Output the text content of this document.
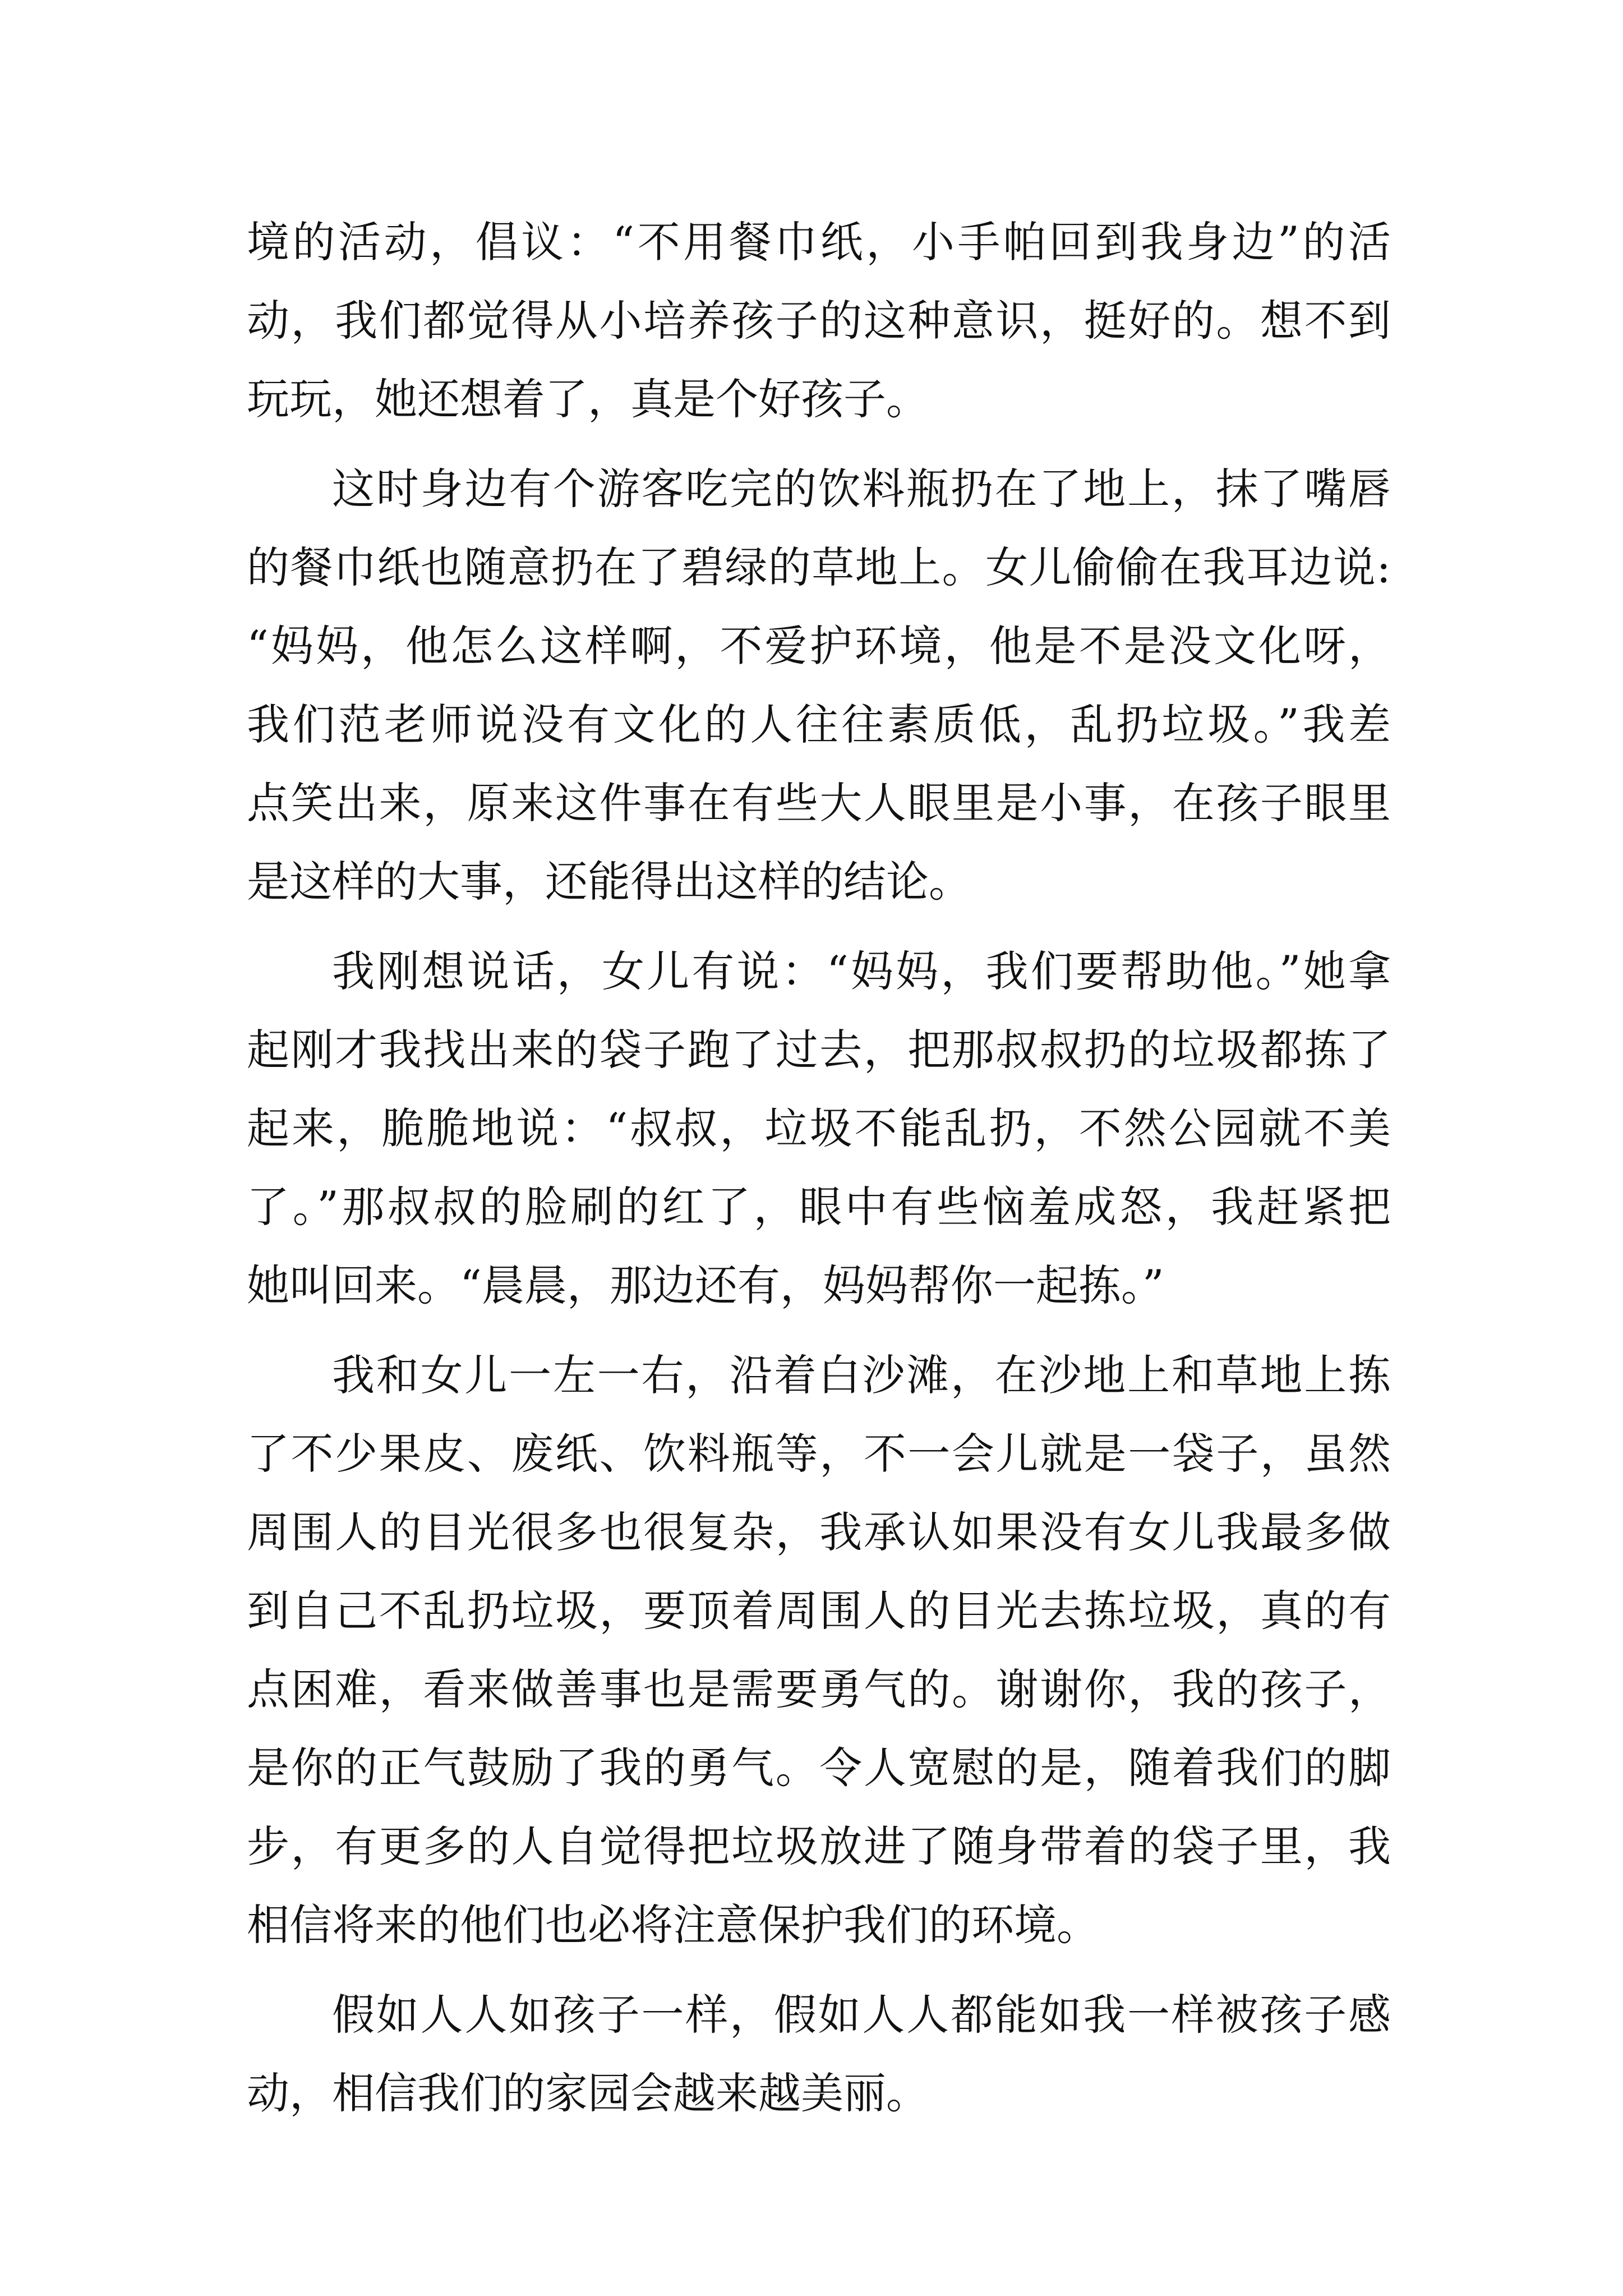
境的活动，倡议：“不用餐巾纸，小手帕回到我身边”的活
动，我们都觉得从小培养孩子的这种意识，挺好的。想不到
玩玩，她还想着了，真是个好孩子。
这时身边有个游客吃完的饮料瓶扔在了地上，抹了嘴唇
的餐巾纸也随意扔在了碧绿的草地上。女儿偷偷在我耳边说:
“妈妈，他怎么这样啊，不爱护环境，他是不是没文化呀，
我们范老师说没有文化的人往往素质低，乱扔垃圾。”我差
点笑出来，原来这件事在有些大人眼里是小事，在孩子眼里
是这样的大事，还能得出这样的结论。
我刚想说话，女儿有说：“妈妈，我们要帮助他。”她拿
起刚才我找出来的袋子跑了过去，把那叔叔扔的垃圾都拣了
起来，脆脆地说：“叔叔，垃圾不能乱扔，不然公园就不美
了。”那叔叔的脸刷的红了，眼中有些恼羞成怒，我赶紧把
她叫回来。“晨晨，那边还有，妈妈帮你一起拣。”
我和女儿一左一右，沿着白沙滩，在沙地上和草地上拣
了不少果皮、废纸、饮料瓶等，不一会儿就是一袋子，虽然
周围人的目光很多也很复杂，我承认如果没有女儿我最多做
到自己不乱扔垃圾，要顶着周围人的目光去拣垃圾，真的有
点困难，看来做善事也是需要勇气的。谢谢你，我的孩子，
是你的正气鼓励了我的勇气。令人宽慰的是，随着我们的脚
步，有更多的人自觉得把垃圾放进了随身带着的袋子里，我
相信将来的他们也必将注意保护我们的环境。
假如人人如孩子一样，假如人人都能如我一样被孩子感
动，相信我们的家园会越来越美丽。
